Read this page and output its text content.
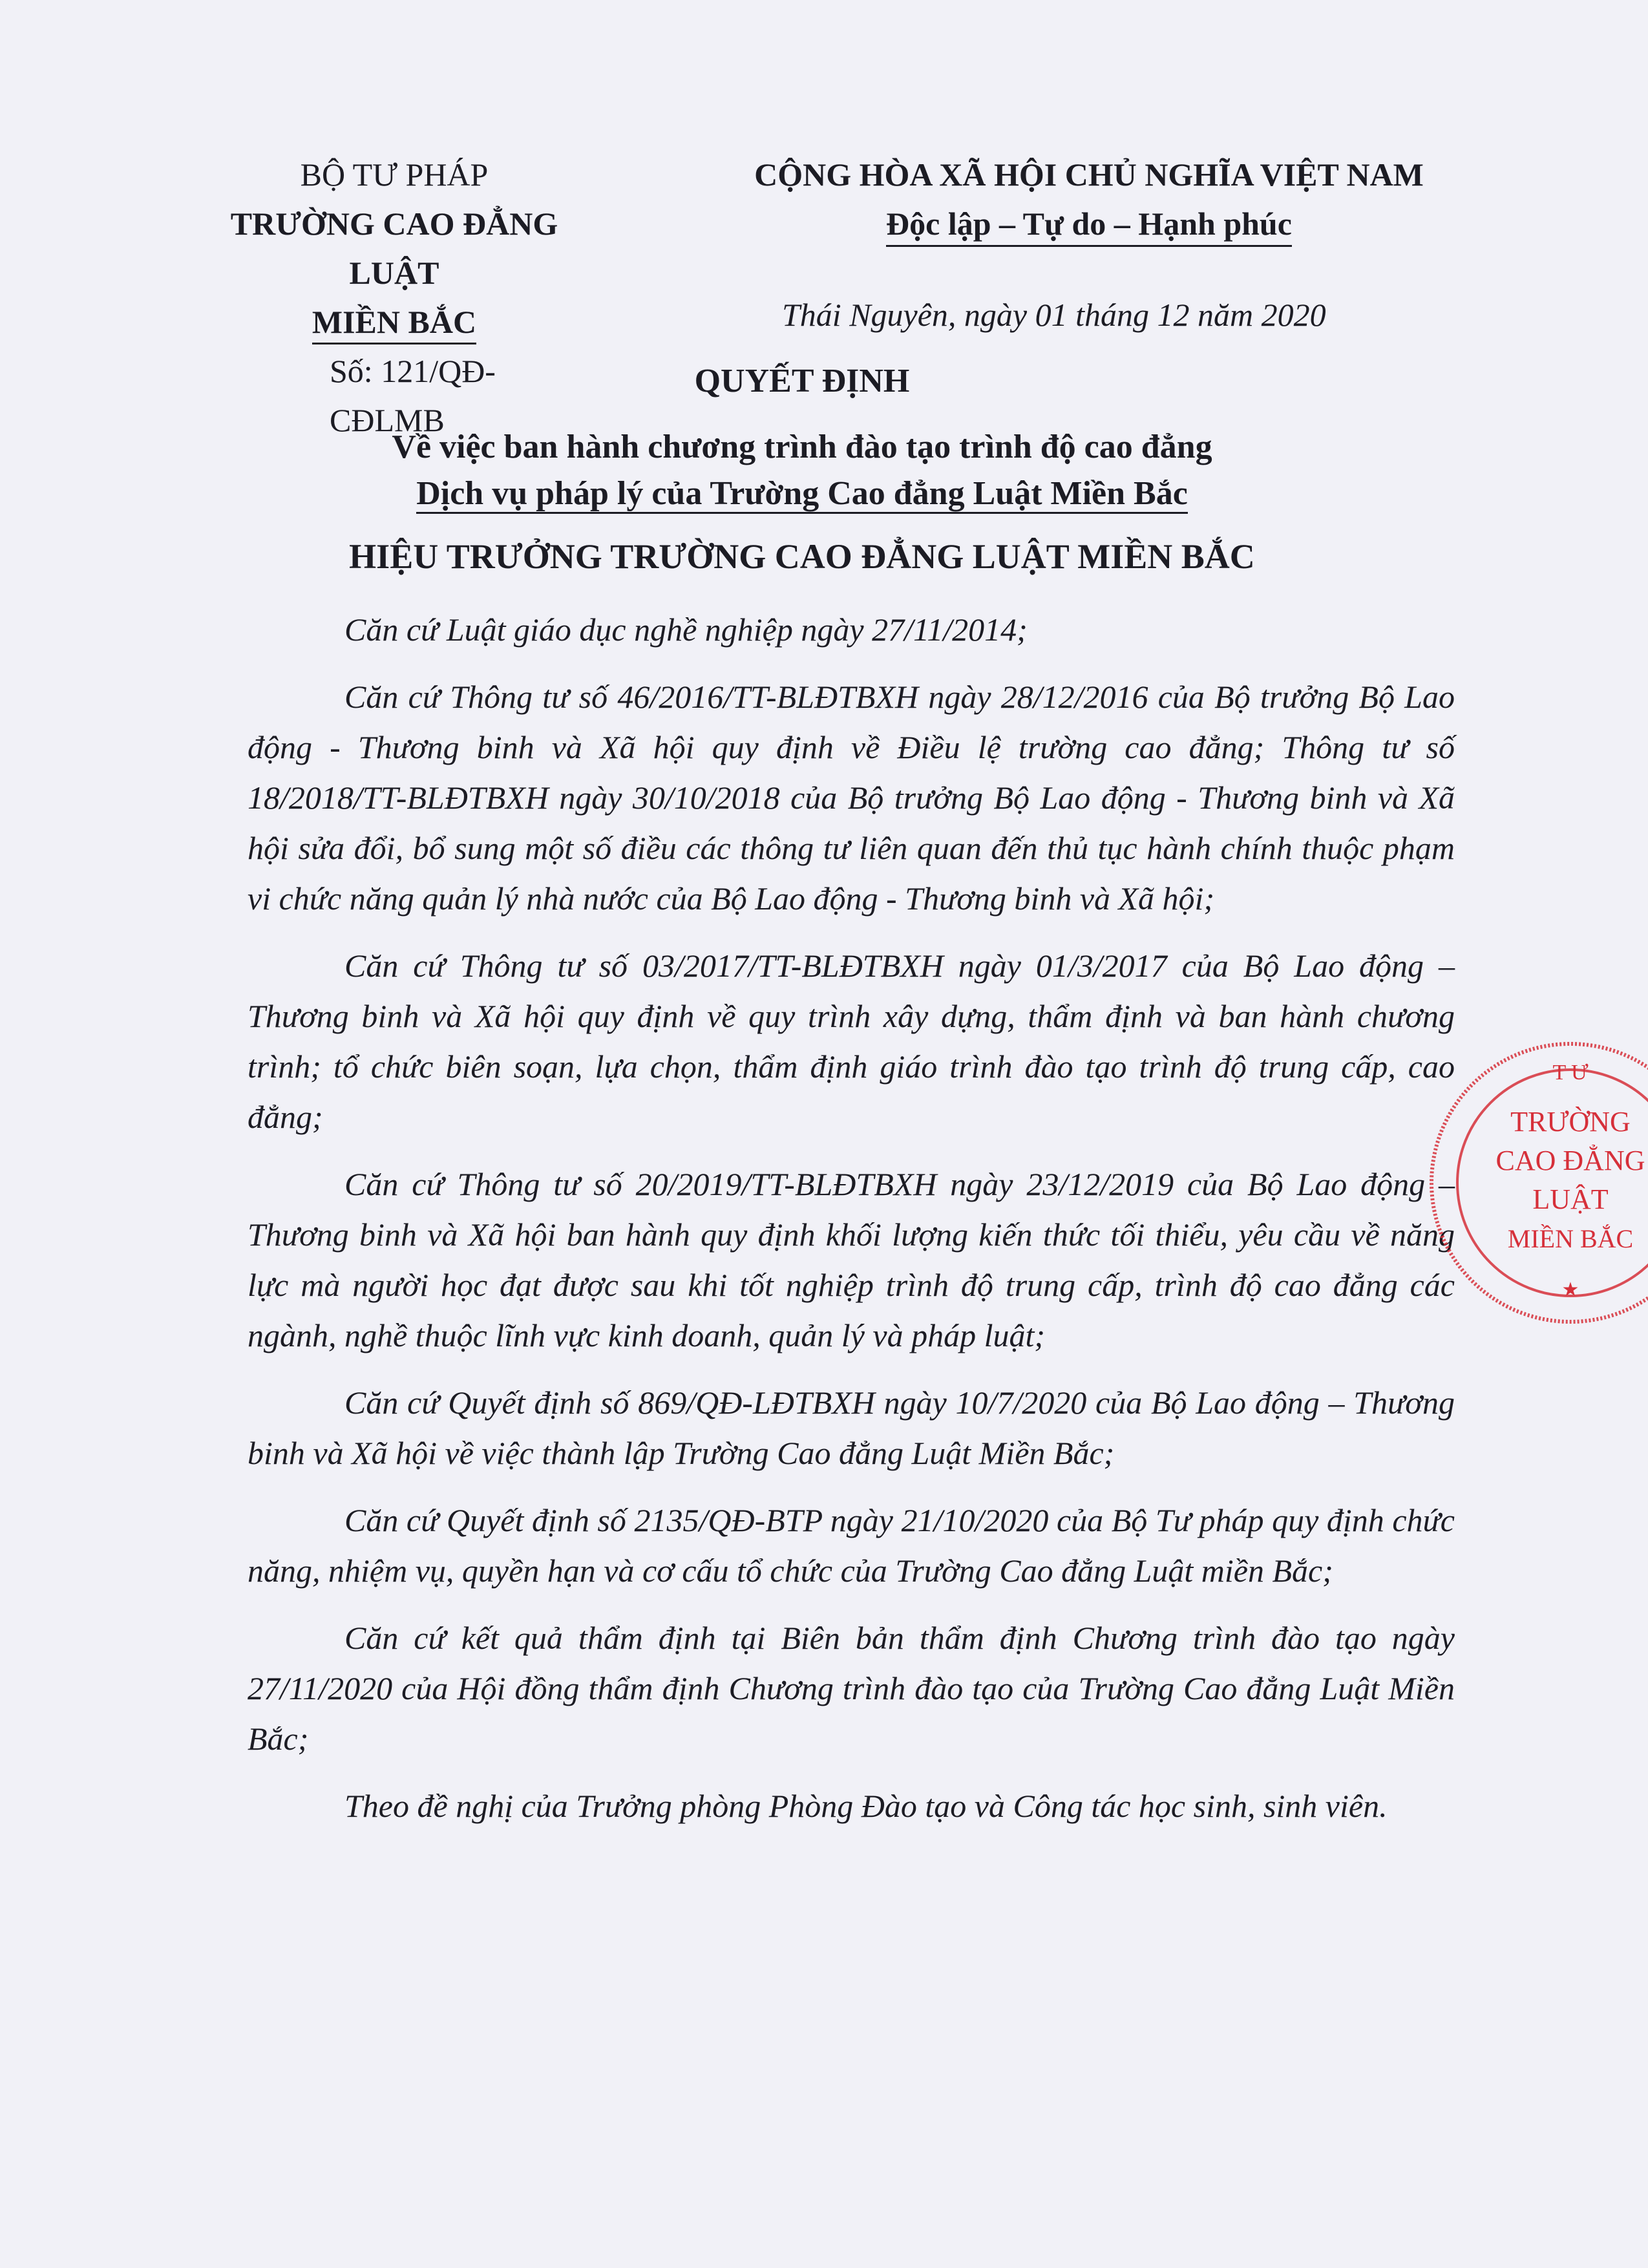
BỘ TƯ PHÁP
TRƯỜNG CAO ĐẲNG LUẬT
MIỀN BẮC
Số: 121/QĐ-CĐLMB
CỘNG HÒA XÃ HỘI CHỦ NGHĨA VIỆT NAM
Độc lập – Tự do – Hạnh phúc
Thái Nguyên, ngày 01 tháng 12 năm 2020
QUYẾT ĐỊNH
Về việc ban hành chương trình đào tạo trình độ cao đẳng
Dịch vụ pháp lý của Trường Cao đẳng Luật Miền Bắc
HIỆU TRƯỞNG TRƯỜNG CAO ĐẲNG LUẬT MIỀN BẮC

Căn cứ Luật giáo dục nghề nghiệp ngày 27/11/2014;

Căn cứ Thông tư số 46/2016/TT-BLĐTBXH ngày 28/12/2016 của Bộ trưởng Bộ Lao động - Thương binh và Xã hội quy định về Điều lệ trường cao đẳng; Thông tư số 18/2018/TT-BLĐTBXH ngày 30/10/2018 của Bộ trưởng Bộ Lao động - Thương binh và Xã hội sửa đổi, bổ sung một số điều các thông tư liên quan đến thủ tục hành chính thuộc phạm vi chức năng quản lý nhà nước của Bộ Lao động - Thương binh và Xã hội;

Căn cứ Thông tư số 03/2017/TT-BLĐTBXH ngày 01/3/2017 của Bộ Lao động – Thương binh và Xã hội quy định về quy trình xây dựng, thẩm định và ban hành chương trình; tổ chức biên soạn, lựa chọn, thẩm định giáo trình đào tạo trình độ trung cấp, cao đẳng;

Căn cứ Thông tư số 20/2019/TT-BLĐTBXH ngày 23/12/2019 của Bộ Lao động – Thương binh và Xã hội ban hành quy định khối lượng kiến thức tối thiểu, yêu cầu về năng lực mà người học đạt được sau khi tốt nghiệp trình độ trung cấp, trình độ cao đẳng các ngành, nghề thuộc lĩnh vực kinh doanh, quản lý và pháp luật;

Căn cứ Quyết định số 869/QĐ-LĐTBXH ngày 10/7/2020 của Bộ Lao động – Thương binh và Xã hội về việc thành lập Trường Cao đẳng Luật Miền Bắc;

Căn cứ Quyết định số 2135/QĐ-BTP ngày 21/10/2020 của Bộ Tư pháp quy định chức năng, nhiệm vụ, quyền hạn và cơ cấu tổ chức của Trường Cao đẳng Luật miền Bắc;

Căn cứ kết quả thẩm định tại Biên bản thẩm định Chương trình đào tạo ngày 27/11/2020 của Hội đồng thẩm định Chương trình đào tạo của Trường Cao đẳng Luật Miền Bắc;

Theo đề nghị của Trưởng phòng Phòng Đào tạo và Công tác học sinh, sinh viên.

T Ư
TRƯỜNG
CAO ĐẲNG
LUẬT
MIỀN BẮC
★
